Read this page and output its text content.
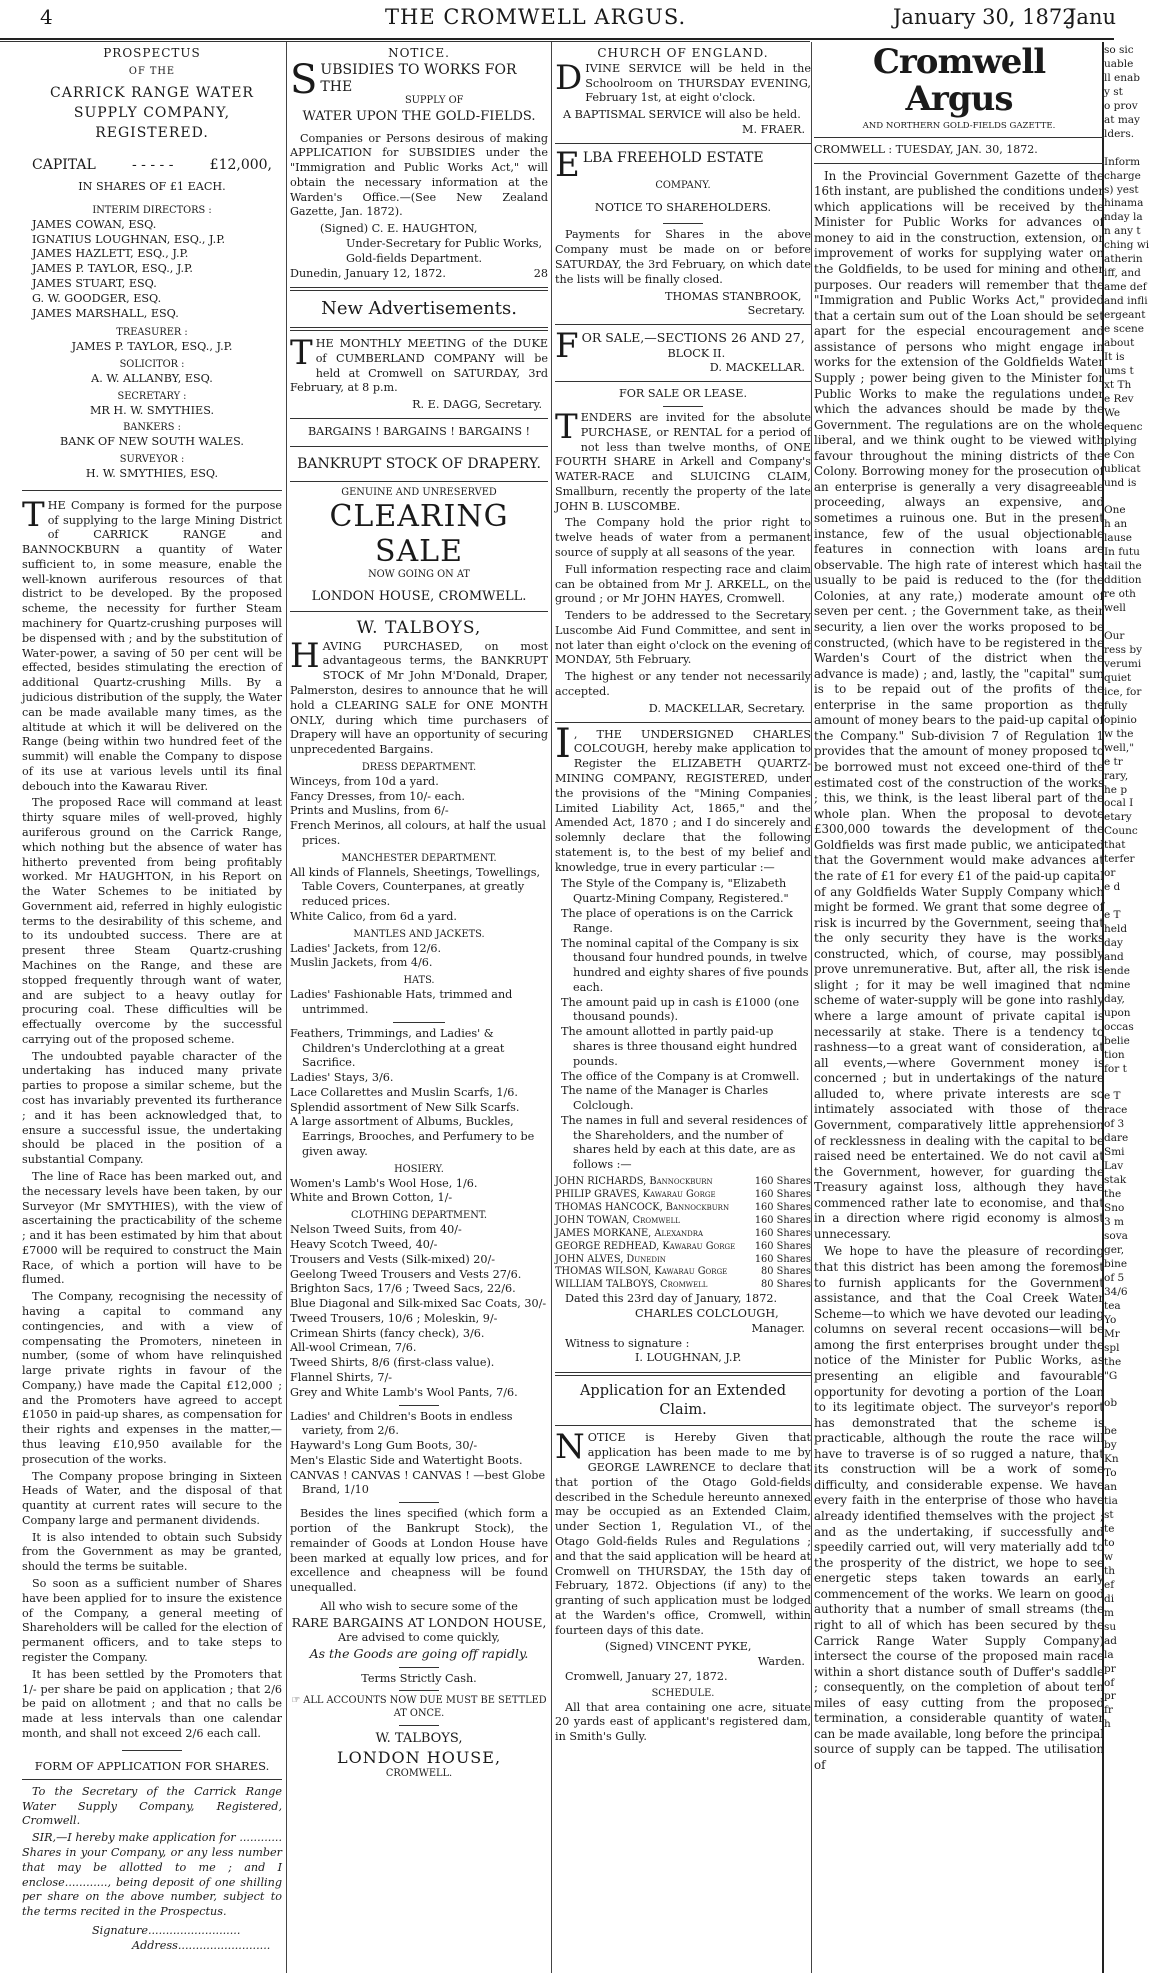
4	THE CROMWELL ARGUS.	January 30, 1872.
Janu
PROSPECTUS
OF THE
CARRICK RANGE WATER SUPPLY COMPANY, REGISTERED.
CAPITAL	- - - - -	£12,000,
IN SHARES OF £1 EACH.
INTERIM DIRECTORS :
JAMES COWAN, ESQ.
IGNATIUS LOUGHNAN, ESQ., J.P.
JAMES HAZLETT, ESQ., J.P.
JAMES P. TAYLOR, ESQ., J.P.
JAMES STUART, ESQ.
G. W. GOODGER, ESQ.
JAMES MARSHALL, ESQ.
TREASURER :
JAMES P. TAYLOR, ESQ., J.P.
SOLICITOR :
A. W. ALLANBY, ESQ.
SECRETARY :
MR H. W. SMYTHIES.
BANKERS :
BANK OF NEW SOUTH WALES.
SURVEYOR :
H. W. SMYTHIES, ESQ.

THE Company is formed for the purpose of supplying to the large Mining District of CARRICK RANGE and BANNOCKBURN a quantity of Water sufficient to, in some measure, enable the well-known auriferous resources of that district to be developed. By the proposed scheme, the necessity for further Steam machinery for Quartz-crushing purposes will be dispensed with ; and by the substitution of Water-power, a saving of 50 per cent will be effected, besides stimulating the erection of additional Quartz-crushing Mills. By a judicious distribution of the supply, the Water can be made available many times, as the altitude at which it will be delivered on the Range (being within two hundred feet of the summit) will enable the Company to dispose of its use at various levels until its final debouch into the Kawarau River.

The proposed Race will command at least thirty square miles of well-proved, highly auriferous ground on the Carrick Range, which nothing but the absence of water has hitherto prevented from being profitably worked. Mr HAUGHTON, in his Report on the Water Schemes to be initiated by Government aid, referred in highly eulogistic terms to the desirability of this scheme, and to its undoubted success. There are at present three Steam Quartz-crushing Machines on the Range, and these are stopped frequently through want of water, and are subject to a heavy outlay for procuring coal. These difficulties will be effectually overcome by the successful carrying out of the proposed scheme.

The undoubted payable character of the undertaking has induced many private parties to propose a similar scheme, but the cost has invariably prevented its furtherance ; and it has been acknowledged that, to ensure a successful issue, the undertaking should be placed in the position of a substantial Company.

The line of Race has been marked out, and the necessary levels have been taken, by our Surveyor (Mr SMYTHIES), with the view of ascertaining the practicability of the scheme ; and it has been estimated by him that about £7000 will be required to construct the Main Race, of which a portion will have to be flumed.

The Company, recognising the necessity of having a capital to command any contingencies, and with a view of compensating the Promoters, nineteen in number, (some of whom have relinquished large private rights in favour of the Company,) have made the Capital £12,000 ; and the Promoters have agreed to accept £1050 in paid-up shares, as compensation for their rights and expenses in the matter,—thus leaving £10,950 available for the prosecution of the works.

The Company propose bringing in Sixteen Heads of Water, and the disposal of that quantity at current rates will secure to the Company large and permanent dividends.

It is also intended to obtain such Subsidy from the Government as may be granted, should the terms be suitable.

So soon as a sufficient number of Shares have been applied for to insure the existence of the Company, a general meeting of Shareholders will be called for the election of permanent officers, and to take steps to register the Company.

It has been settled by the Promoters that 1/- per share be paid on application ; that 2/6 be paid on allotment ; and that no calls be made at less intervals than one calendar month, and shall not exceed 2/6 each call.

FORM OF APPLICATION FOR SHARES.

To the Secretary of the Carrick Range Water Supply Company, Registered, Cromwell.

SIR,—I hereby make application for ............ Shares in your Company, or any less number that may be allotted to me ; and I enclose............, being deposit of one shilling per share on the above number, subject to the terms recited in the Prospectus.

Signature..........................
Address..........................
NOTICE.
SUBSIDIES TO WORKS FOR THE
SUPPLY OF
WATER UPON THE GOLD-FIELDS.

Companies or Persons desirous of making APPLICATION for SUBSIDIES under the "Immigration and Public Works Act," will obtain the necessary information at the Warden's Office.—(See New Zealand Gazette, Jan. 1872).

(Signed) C. E. HAUGHTON,
Under-Secretary for Public Works, Gold-fields Department.
Dunedin, January 12, 1872.	28
New Advertisements.

THE MONTHLY MEETING of the DUKE of CUMBERLAND COMPANY will be held at Cromwell on SATURDAY, 3rd February, at 8 p.m.

R. E. DAGG, Secretary.
BARGAINS ! BARGAINS ! BARGAINS !
BANKRUPT STOCK OF DRAPERY.
GENUINE AND UNRESERVED
CLEARING SALE
NOW GOING ON AT
LONDON HOUSE, CROMWELL.
W. TALBOYS,

HAVING PURCHASED, on most advantageous terms, the BANKRUPT STOCK of Mr John M'Donald, Draper, Palmerston, desires to announce that he will hold a CLEARING SALE for ONE MONTH ONLY, during which time purchasers of Drapery will have an opportunity of securing unprecedented Bargains.

DRESS DEPARTMENT.
Winceys, from 10d a yard.
Fancy Dresses, from 10/- each.
Prints and Muslins, from 6/-
French Merinos, all colours, at half the usual prices.
MANCHESTER DEPARTMENT.
All kinds of Flannels, Sheetings, Towellings, Table Covers, Counterpanes, at greatly reduced prices.
White Calico, from 6d a yard.
MANTLES AND JACKETS.
Ladies' Jackets, from 12/6.
Muslin Jackets, from 4/6.
HATS.
Ladies' Fashionable Hats, trimmed and untrimmed.
Feathers, Trimmings, and Ladies' & Children's Underclothing at a great Sacrifice.
Ladies' Stays, 3/6.
Lace Collarettes and Muslin Scarfs, 1/6.
Splendid assortment of New Silk Scarfs.
A large assortment of Albums, Buckles, Earrings, Brooches, and Perfumery to be given away.
HOSIERY.
Women's Lamb's Wool Hose, 1/6.
White and Brown Cotton, 1/-
CLOTHING DEPARTMENT.
Nelson Tweed Suits, from 40/-
Heavy Scotch Tweed, 40/-
Trousers and Vests (Silk-mixed) 20/-
Geelong Tweed Trousers and Vests 27/6.
Brighton Sacs, 17/6 ; Tweed Sacs, 22/6.
Blue Diagonal and Silk-mixed Sac Coats, 30/-
Tweed Trousers, 10/6 ; Moleskin, 9/-
Crimean Shirts (fancy check), 3/6.
All-wool Crimean, 7/6.
Tweed Shirts, 8/6 (first-class value).
Flannel Shirts, 7/-
Grey and White Lamb's Wool Pants, 7/6.
Ladies' and Children's Boots in endless variety, from 2/6.
Hayward's Long Gum Boots, 30/-
Men's Elastic Side and Watertight Boots.
CANVAS ! CANVAS ! CANVAS ! —best Globe Brand, 1/10

Besides the lines specified (which form a portion of the Bankrupt Stock), the remainder of Goods at London House have been marked at equally low prices, and for excellence and cheapness will be found unequalled.

All who wish to secure some of the
RARE BARGAINS AT LONDON HOUSE,
Are advised to come quickly,
As the Goods are going off rapidly.
Terms Strictly Cash.
☞ ALL ACCOUNTS NOW DUE MUST BE SETTLED AT ONCE.
W. TALBOYS,
LONDON HOUSE,
CROMWELL.
CHURCH OF ENGLAND.

DIVINE SERVICE will be held in the Schoolroom on THURSDAY EVENING, February 1st, at eight o'clock.

A BAPTISMAL SERVICE will also be held.
M. FRAER.
ELBA FREEHOLD ESTATE
COMPANY.
NOTICE TO SHAREHOLDERS.

Payments for Shares in the above Company must be made on or before SATURDAY, the 3rd February, on which date the lists will be finally closed.

THOMAS STANBROOK,
Secretary.
FOR SALE,—SECTIONS 26 AND 27,
BLOCK II.
D. MACKELLAR.
FOR SALE OR LEASE.

TENDERS are invited for the absolute PURCHASE, or RENTAL for a period of not less than twelve months, of ONE FOURTH SHARE in Arkell and Company's WATER-RACE and SLUICING CLAIM, Smallburn, recently the property of the late JOHN B. LUSCOMBE.

The Company hold the prior right to twelve heads of water from a permanent source of supply at all seasons of the year.

Full information respecting race and claim can be obtained from Mr J. ARKELL, on the ground ; or Mr JOHN HAYES, Cromwell.

Tenders to be addressed to the Secretary Luscombe Aid Fund Committee, and sent in not later than eight o'clock on the evening of MONDAY, 5th February.

The highest or any tender not necessarily accepted.

D. MACKELLAR, Secretary.

I , THE UNDERSIGNED CHARLES COLCOUGH, hereby make application to Register the ELIZABETH QUARTZ-MINING COMPANY, REGISTERED, under the provisions of the "Mining Companies Limited Liability Act, 1865," and the Amended Act, 1870 ; and I do sincerely and solemnly declare that the following statement is, to the best of my belief and knowledge, true in every particular :—

The Style of the Company is, "Elizabeth Quartz-Mining Company, Registered."
The place of operations is on the Carrick Range.
The nominal capital of the Company is six thousand four hundred pounds, in twelve hundred and eighty shares of five pounds each.
The amount paid up in cash is £1000 (one thousand pounds).
The amount allotted in partly paid-up shares is three thousand eight hundred pounds.
The office of the Company is at Cromwell.
The name of the Manager is Charles Colclough.
The names in full and several residences of the Shareholders, and the number of shares held by each at this date, are as follows :—
JOHN RICHARDS, Bannockburn	160 Shares
PHILIP GRAVES, Kawarau Gorge	160 Shares
THOMAS HANCOCK, Bannockburn	160 Shares
JOHN TOWAN, Cromwell	160 Shares
JAMES MORKANE, Alexandra	160 Shares
GEORGE REDHEAD, Kawarau Gorge 160 Shares
JOHN ALVES, Dunedin	160 Shares
THOMAS WILSON, Kawarau Gorge	80 Shares
WILLIAM TALBOYS, Cromwell	80 Shares
Dated this 23rd day of January, 1872.
CHARLES COLCLOUGH,
Manager.
Witness to signature :
I. LOUGHNAN, J.P.
Application for an Extended Claim.

NOTICE is Hereby Given that application has been made to me by GEORGE LAWRENCE to declare that that portion of the Otago Gold-fields described in the Schedule hereunto annexed may be occupied as an Extended Claim, under Section 1, Regulation VI., of the Otago Gold-fields Rules and Regulations ; and that the said application will be heard at Cromwell on THURSDAY, the 15th day of February, 1872. Objections (if any) to the granting of such application must be lodged at the Warden's office, Cromwell, within fourteen days of this date.

(Signed) VINCENT PYKE,
Warden.
Cromwell, January 27, 1872.
SCHEDULE.

All that area containing one acre, situate 20 yards east of applicant's registered dam, in Smith's Gully.

Cromwell Argus
AND NORTHERN GOLD-FIELDS GAZETTE.
CROMWELL : TUESDAY, JAN. 30, 1872.

In the Provincial Government Gazette of the 16th instant, are published the conditions under which applications will be received by the Minister for Public Works for advances of money to aid in the construction, extension, or improvement of works for supplying water on the Goldfields, to be used for mining and other purposes. Our readers will remember that the "Immigration and Public Works Act," provided that a certain sum out of the Loan should be set apart for the especial encouragement and assistance of persons who might engage in works for the extension of the Goldfields Water Supply ; power being given to the Minister for Public Works to make the regulations under which the advances should be made by the Government. The regulations are on the whole liberal, and we think ought to be viewed with favour throughout the mining districts of the Colony. Borrowing money for the prosecution of an enterprise is generally a very disagreeable proceeding, always an expensive, and sometimes a ruinous one. But in the present instance, few of the usual objectionable features in connection with loans are observable. The high rate of interest which has usually to be paid is reduced to the (for the Colonies, at any rate,) moderate amount of seven per cent. ; the Government take, as their security, a lien over the works proposed to be constructed, (which have to be registered in the Warden's Court of the district when the advance is made) ; and, lastly, the "capital" sum is to be repaid out of the profits of the enterprise in the same proportion as the amount of money bears to the paid-up capital of the Company." Sub-division 7 of Regulation 1 provides that the amount of money proposed to be borrowed must not exceed one-third of the estimated cost of the construction of the works ; this, we think, is the least liberal part of the whole plan. When the proposal to devote £300,000 towards the development of the Goldfields was first made public, we anticipated that the Government would make advances at the rate of £1 for every £1 of the paid-up capital of any Goldfields Water Supply Company which might be formed. We grant that some degree of risk is incurred by the Government, seeing that the only security they have is the works constructed, which, of course, may possibly prove unremunerative. But, after all, the risk is slight ; for it may be well imagined that no scheme of water-supply will be gone into rashly where a large amount of private capital is necessarily at stake. There is a tendency to rashness—to a great want of consideration, at all events,—where Government money is concerned ; but in undertakings of the nature alluded to, where private interests are so intimately associated with those of the Government, comparatively little apprehension of recklessness in dealing with the capital to be raised need be entertained. We do not cavil at the Government, however, for guarding the Treasury against loss, although they have commenced rather late to economise, and that in a direction where rigid economy is almost unnecessary.

We hope to have the pleasure of recording that this district has been among the foremost to furnish applicants for the Government assistance, and that the Coal Creek Water Scheme—to which we have devoted our leading columns on several recent occasions—will be among the first enterprises brought under the notice of the Minister for Public Works, as presenting an eligible and favourable opportunity for devoting a portion of the Loan to its legitimate object. The surveyor's report has demonstrated that the scheme is practicable, although the route the race will have to traverse is of so rugged a nature, that its construction will be a work of some difficulty, and considerable expense. We have every faith in the enterprise of those who have already identified themselves with the project ; and as the undertaking, if successfully and speedily carried out, will very materially add to the prosperity of the district, we hope to see energetic steps taken towards an early commencement of the works. We learn on good authority that a number of small streams (the right to all of which has been secured by the Carrick Range Water Supply Company) intersect the course of the proposed main race within a short distance south of Duffer's saddle ; consequently, on the completion of about ten miles of easy cutting from the proposed termination, a considerable quantity of water can be made available, long before the principal source of supply can be tapped. The utilisation of

so sic

uable

ll enab

y st

o prov

at may

lders.

Inform

charge

s) yest

hinama

nday la

n any t

ching wi

atherin

iff, and

ame def

and infli

ergeant

e scene

about

It is

ums t

xt Th

e Rev

We

equenc

plying

e Con

ublicat

und is

One

h an

lause

In futu

tail the

ddition

re oth

well

Our

ress by

verumi

quiet

ice, for

fully

opinio

w the

well,"

e tr

rary,

he p

ocal I

etary

Counc

that

terfer

or

e d

e T

held

day

and

ende

mine

day,

upon

occas

belie

tion

for t

e T

race

of 3

dare

Smi

Lav

stak

the

Sno

3 m

sova

ger,

bine

of 5

34/6

tea

Yo

Mr

spl

the

"G

ob

be

by

Kn

To

an

tia

st

te

to

w

th

ef

di

m

su

ad

la

pr

of

pr

fr

h
